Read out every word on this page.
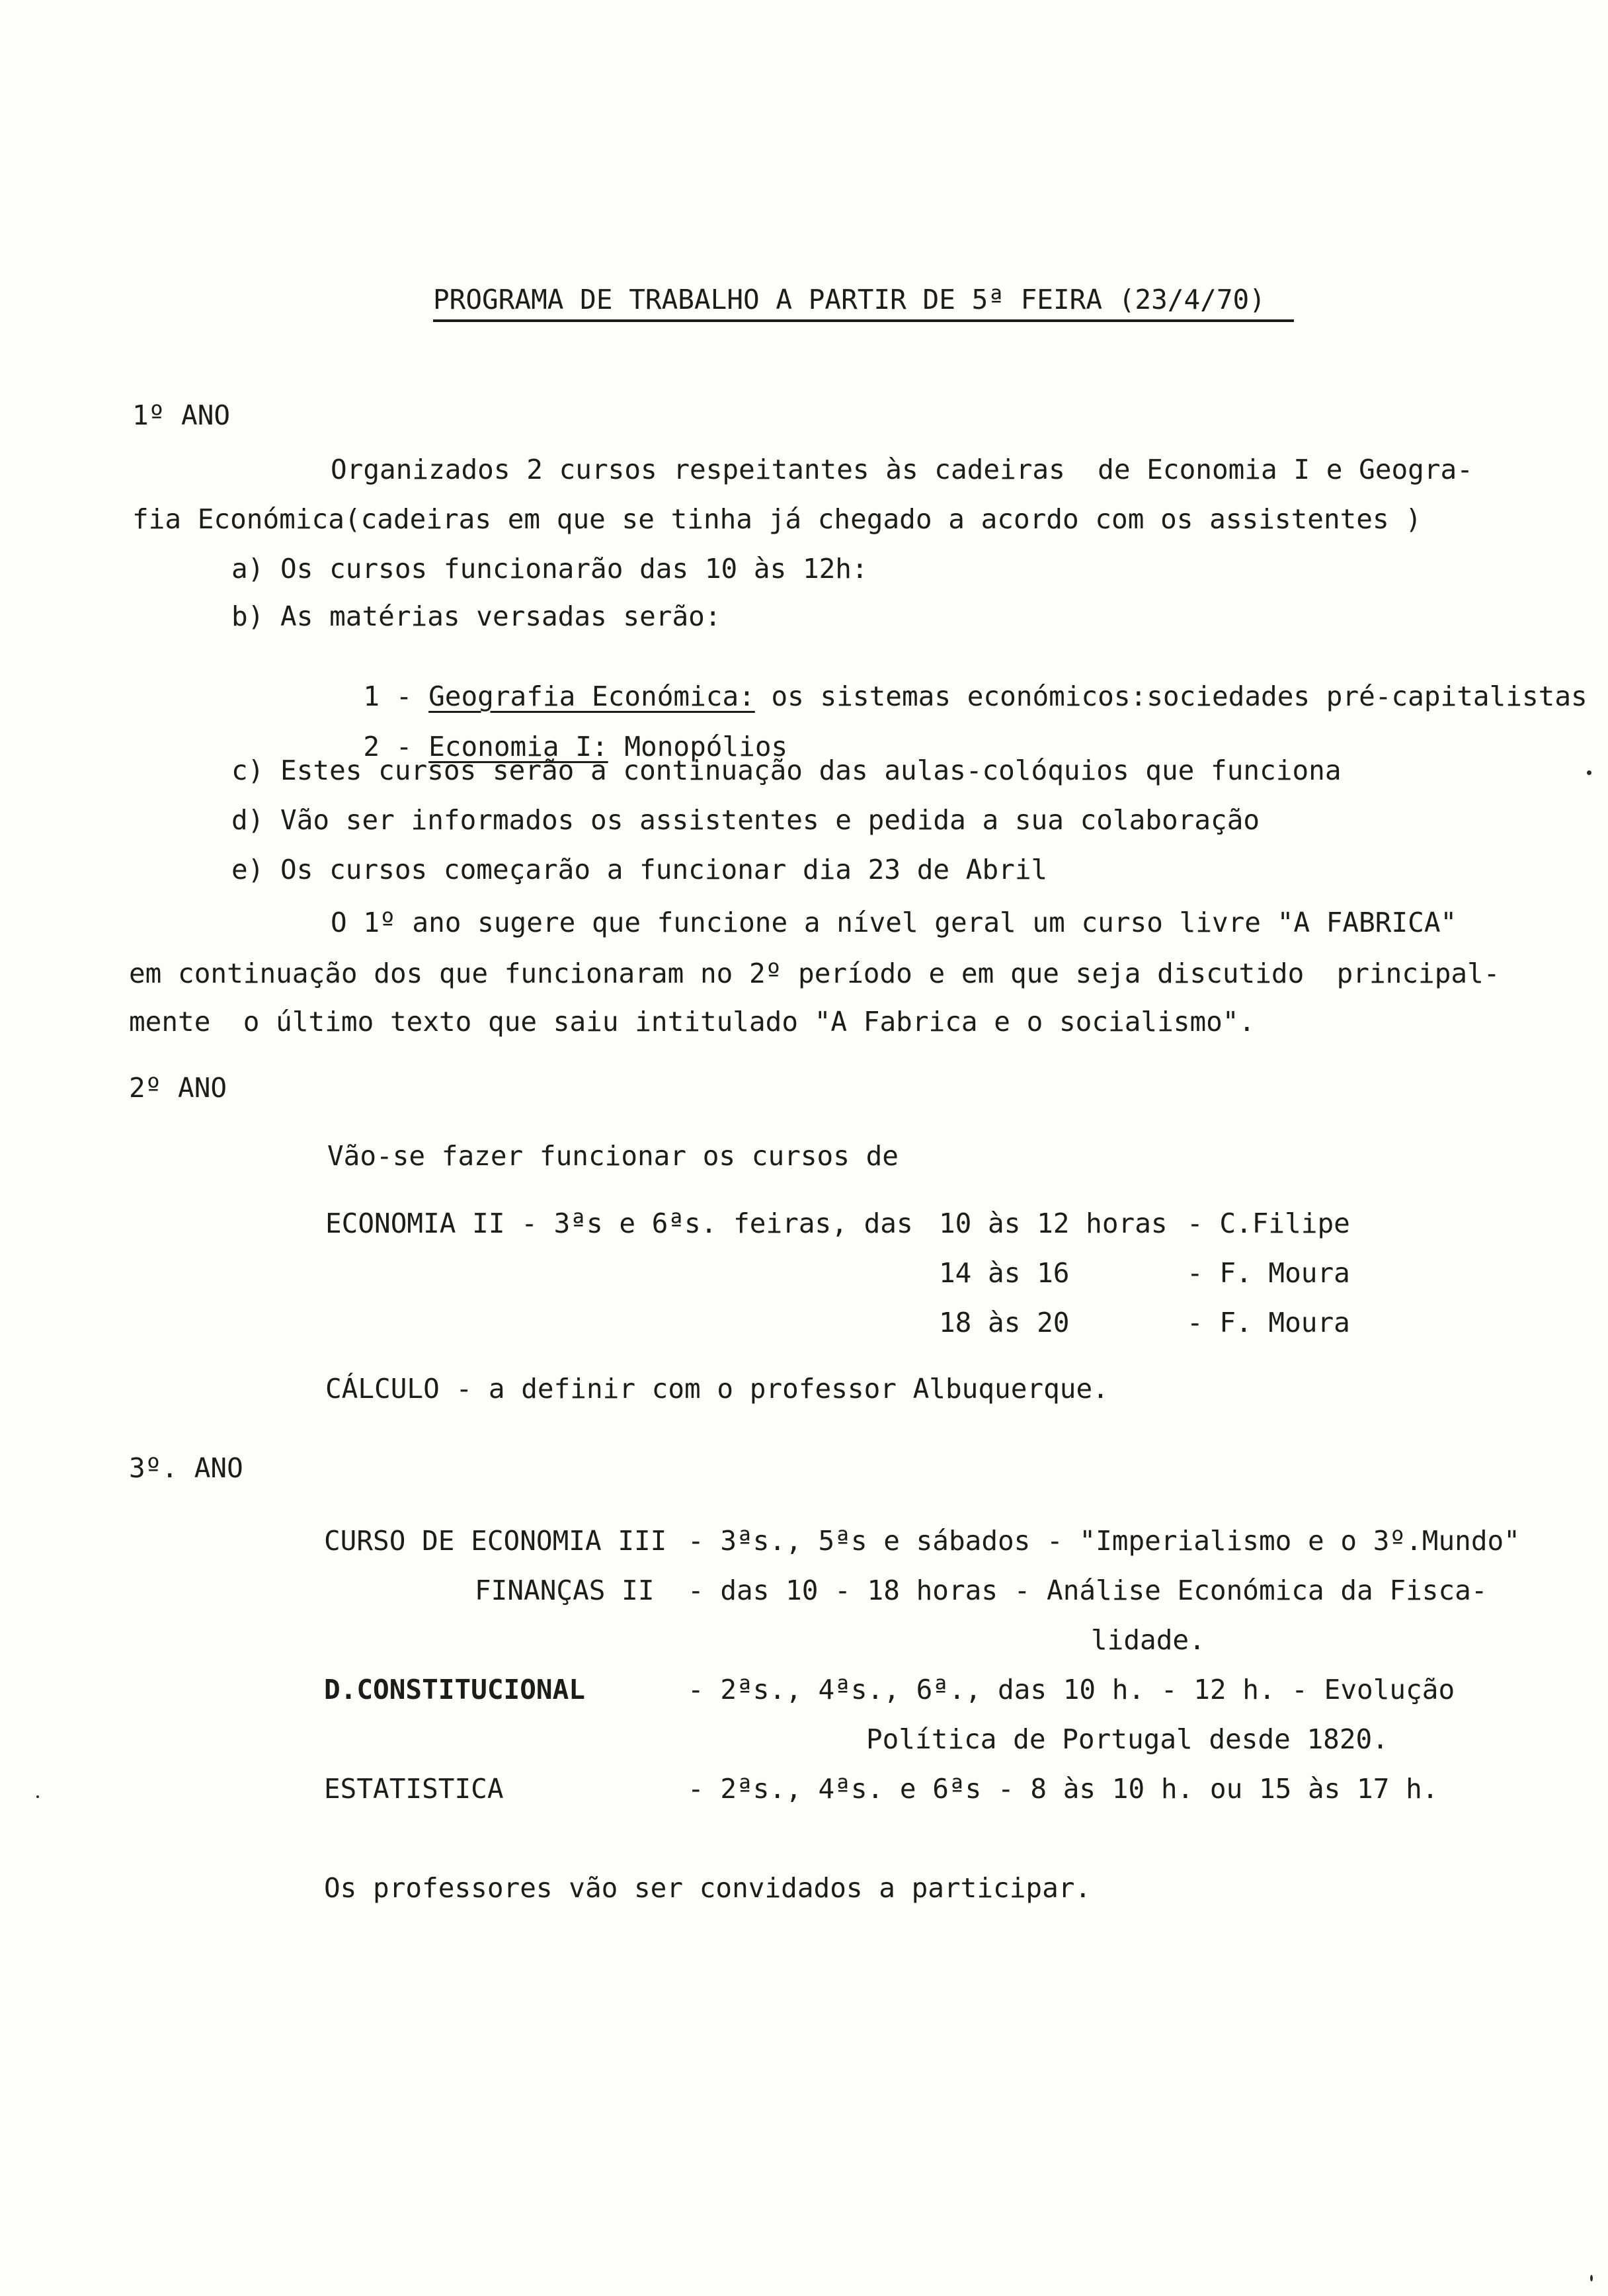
PROGRAMA DE TRABALHO A PARTIR DE 5ª FEIRA (23/4/70)
1º ANO
Organizados 2 cursos respeitantes às cadeiras  de Economia I e Geogra-
fia Económica(cadeiras em que se tinha já chegado a acordo com os assistentes )
a) Os cursos funcionarão das 10 às 12h:
b) As matérias versadas serão:

1 - Geografia Económica: os sistemas económicos:sociedades pré-capitalistas

2 - Economia I: Monopólios

c) Estes cursos serão a continuação das aulas-colóquios que funciona
d) Vão ser informados os assistentes e pedida a sua colaboração
e) Os cursos começarão a funcionar dia 23 de Abril
O 1º ano sugere que funcione a nível geral um curso livre "A FABRICA"
em continuação dos que funcionaram no 2º período e em que seja discutido  principal-
mente  o último texto que saiu intitulado "A Fabrica e o socialismo".
2º ANO
Vão-se fazer funcionar os cursos de
ECONOMIA II - 3ªs e 6ªs. feiras, das 10 às 12 horas - C.Filipe
14 às 16	- F. Moura
18 às 20	- F. Moura
CÁLCULO - a definir com o professor Albuquerque.
3º. ANO
CURSO DE ECONOMIA III - 3ªs., 5ªs e sábados - "Imperialismo e o 3º.Mundo"
FINANÇAS II - das 10 - 18 horas - Análise Económica da Fisca-
lidade.
D.CONSTITUCIONAL	- 2ªs., 4ªs., 6ª., das 10 h. - 12 h. - Evolução
Política de Portugal desde 1820.
ESTATISTICA	- 2ªs., 4ªs. e 6ªs - 8 às 10 h. ou 15 às 17 h.
Os professores vão ser convidados a participar.
